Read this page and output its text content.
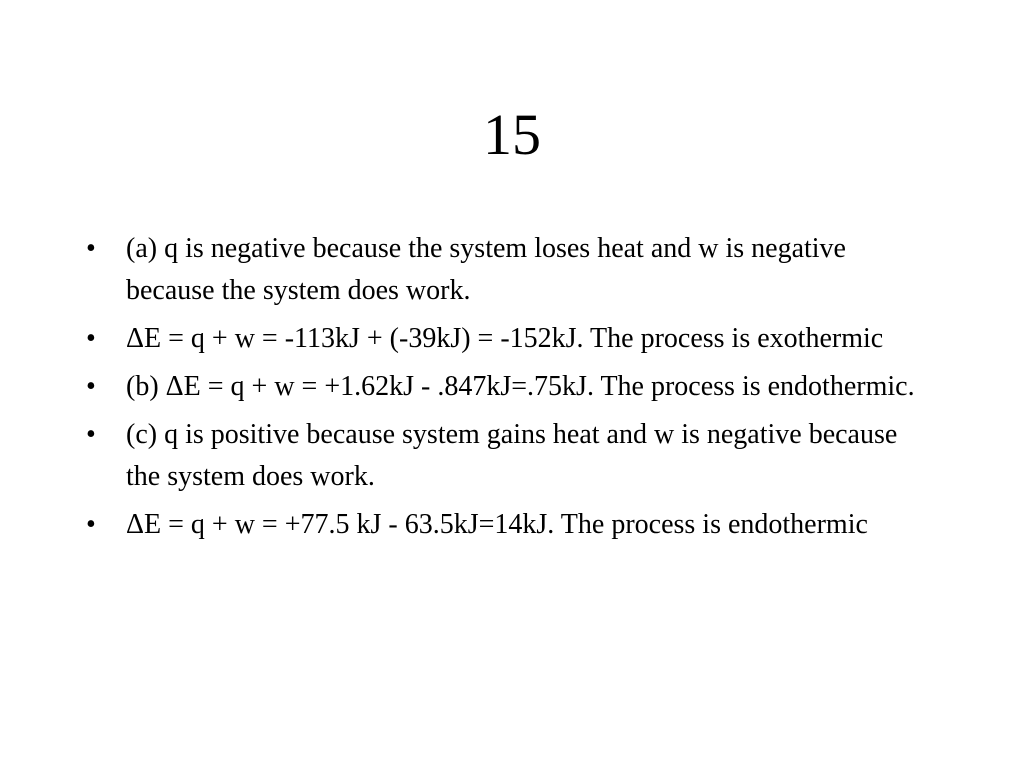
15
•	(a) q is negative because the system loses heat and w is negative because the system does work.
•	ΔE = q + w = -113kJ + (-39kJ) = -152kJ. The process is exothermic
•	(b) ΔE = q + w = +1.62kJ - .847kJ=.75kJ. The process is endothermic.
•	(c) q is positive because system gains heat and w is negative because the system does work.
•	ΔE = q + w = +77.5 kJ - 63.5kJ=14kJ. The process is endothermic
